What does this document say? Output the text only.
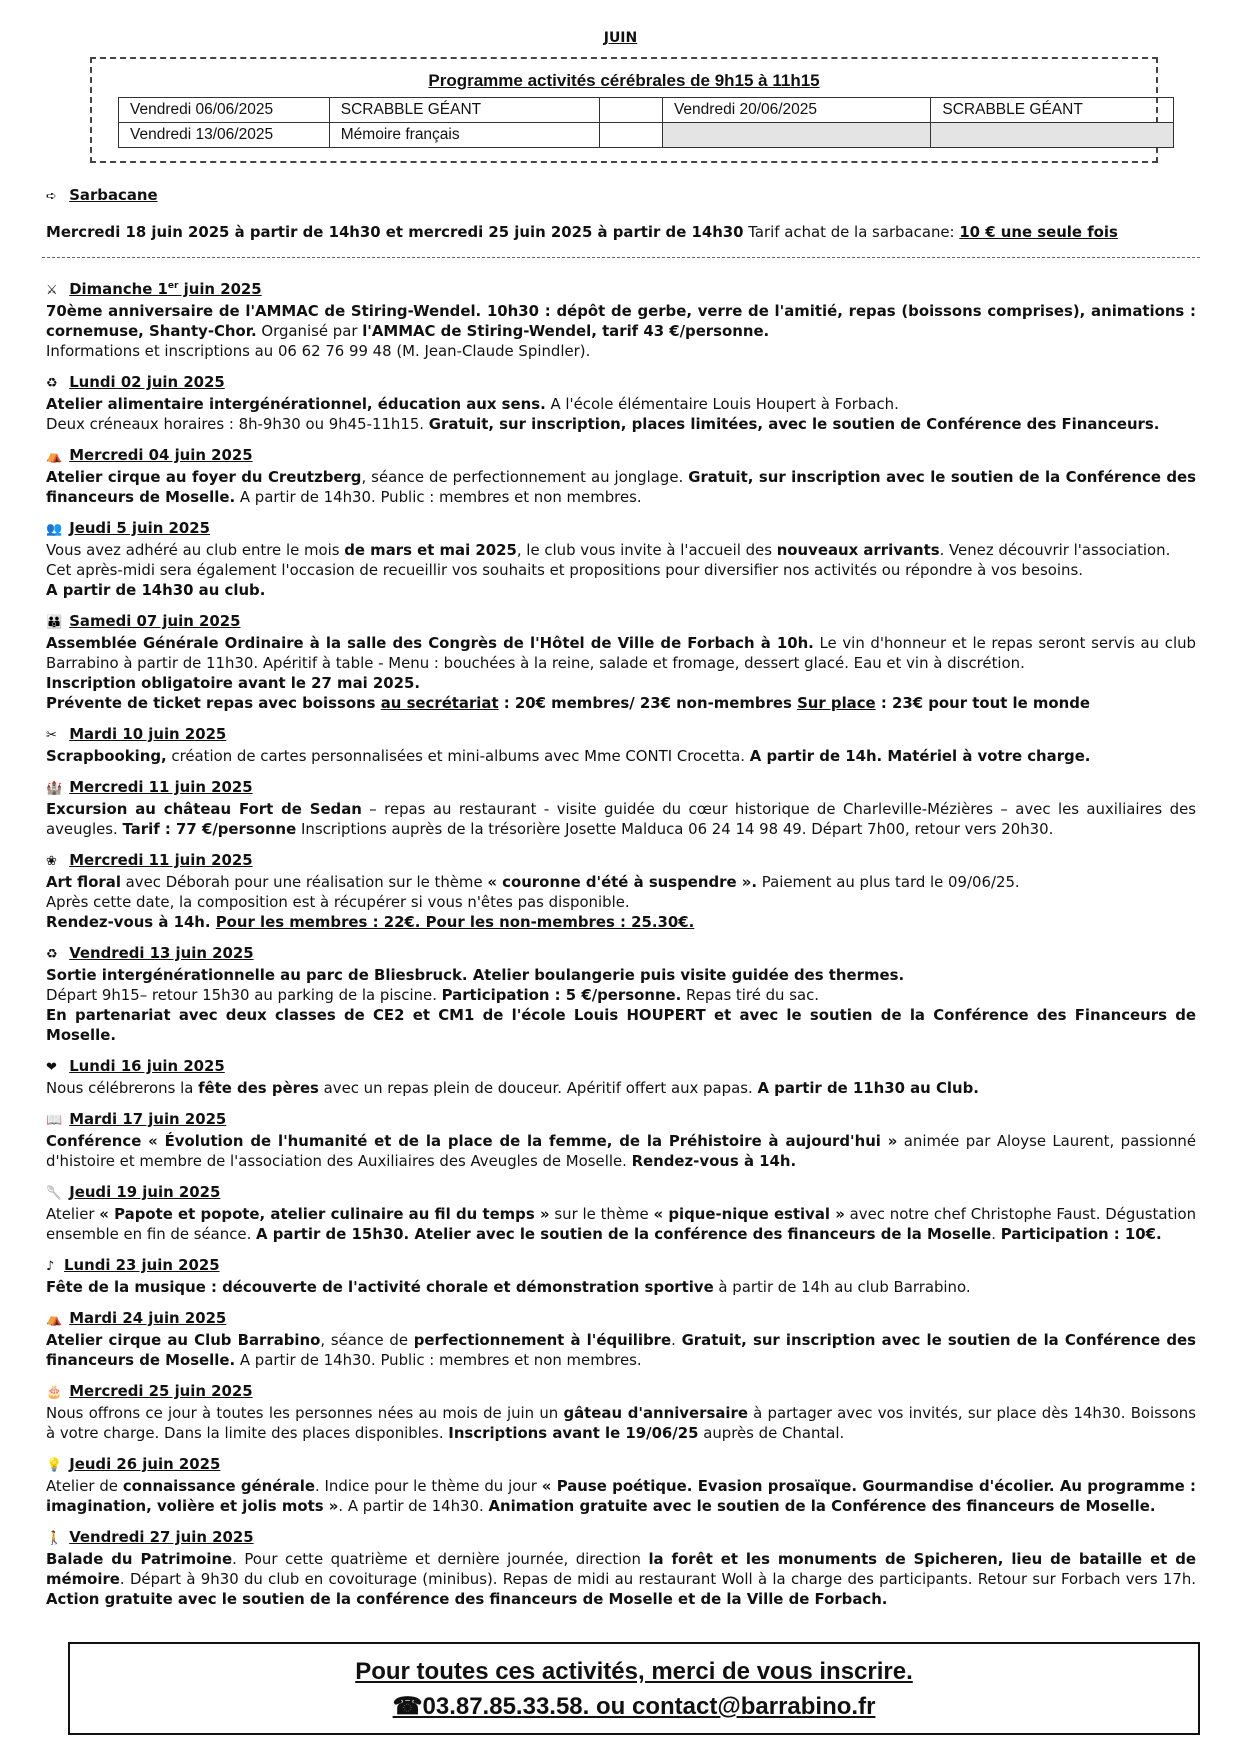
JUIN
Programme activités cérébrales de 9h15 à 11h15
Vendredi 06/06/2025	SCRABBLE GÉANT		Vendredi 20/06/2025	SCRABBLE GÉANT
Vendredi 13/06/2025	Mémoire français			
➪ Sarbacane

Mercredi 18 juin 2025 à partir de 14h30 et mercredi 25 juin 2025 à partir de 14h30 Tarif achat de la sarbacane: 10 € une seule fois

⚔ Dimanche 1er juin 2025

70ème anniversaire de l'AMMAC de Stiring-Wendel. 10h30 : dépôt de gerbe, verre de l'amitié, repas (boissons comprises), animations : cornemuse, Shanty-Chor. Organisé par l'AMMAC de Stiring-Wendel, tarif 43 €/personne.

Informations et inscriptions au 06 62 76 99 48 (M. Jean-Claude Spindler).

♻ Lundi 02 juin 2025

Atelier alimentaire intergénérationnel, éducation aux sens. A l'école élémentaire Louis Houpert à Forbach.

Deux créneaux horaires : 8h-9h30 ou 9h45-11h15. Gratuit, sur inscription, places limitées, avec le soutien de Conférence des Financeurs.

⛺ Mercredi 04 juin 2025

Atelier cirque au foyer du Creutzberg, séance de perfectionnement au jonglage. Gratuit, sur inscription avec le soutien de la Conférence des financeurs de Moselle. A partir de 14h30. Public : membres et non membres.

👥 Jeudi 5 juin 2025

Vous avez adhéré au club entre le mois de mars et mai 2025, le club vous invite à l'accueil des nouveaux arrivants. Venez découvrir l'association.

Cet après-midi sera également l'occasion de recueillir vos souhaits et propositions pour diversifier nos activités ou répondre à vos besoins.

A partir de 14h30 au club.

👪 Samedi 07 juin 2025

Assemblée Générale Ordinaire à la salle des Congrès de l'Hôtel de Ville de Forbach à 10h. Le vin d'honneur et le repas seront servis au club Barrabino à partir de 11h30. Apéritif à table - Menu : bouchées à la reine, salade et fromage, dessert glacé. Eau et vin à discrétion.

Inscription obligatoire avant le 27 mai 2025.

Prévente de ticket repas avec boissons au secrétariat : 20€ membres/ 23€ non-membres Sur place : 23€ pour tout le monde

✂ Mardi 10 juin 2025

Scrapbooking, création de cartes personnalisées et mini-albums avec Mme CONTI Crocetta. A partir de 14h. Matériel à votre charge.

🏰 Mercredi 11 juin 2025

Excursion au château Fort de Sedan – repas au restaurant - visite guidée du cœur historique de Charleville-Mézières – avec les auxiliaires des aveugles. Tarif : 77 €/personne Inscriptions auprès de la trésorière Josette Malduca 06 24 14 98 49. Départ 7h00, retour vers 20h30.

❀ Mercredi 11 juin 2025

Art floral avec Déborah pour une réalisation sur le thème « couronne d'été à suspendre ». Paiement au plus tard le 09/06/25.

Après cette date, la composition est à récupérer si vous n'êtes pas disponible.

Rendez-vous à 14h. Pour les membres : 22€. Pour les non-membres : 25.30€.

♻ Vendredi 13 juin 2025

Sortie intergénérationnelle au parc de Bliesbruck. Atelier boulangerie puis visite guidée des thermes.

Départ 9h15– retour 15h30 au parking de la piscine. Participation : 5 €/personne. Repas tiré du sac.

En partenariat avec deux classes de CE2 et CM1 de l'école Louis HOUPERT et avec le soutien de la Conférence des Financeurs de Moselle.

❤ Lundi 16 juin 2025

Nous célébrerons la fête des pères avec un repas plein de douceur. Apéritif offert aux papas. A partir de 11h30 au Club.

📖 Mardi 17 juin 2025

Conférence « Évolution de l'humanité et de la place de la femme, de la Préhistoire à aujourd'hui » animée par Aloyse Laurent, passionné d'histoire et membre de l'association des Auxiliaires des Aveugles de Moselle. Rendez-vous à 14h.

🥄 Jeudi 19 juin 2025

Atelier « Papote et popote, atelier culinaire au fil du temps » sur le thème « pique-nique estival » avec notre chef Christophe Faust. Dégustation ensemble en fin de séance. A partir de 15h30. Atelier avec le soutien de la conférence des financeurs de la Moselle. Participation : 10€.

♪ Lundi 23 juin 2025

Fête de la musique : découverte de l'activité chorale et démonstration sportive à partir de 14h au club Barrabino.

⛺ Mardi 24 juin 2025

Atelier cirque au Club Barrabino, séance de perfectionnement à l'équilibre. Gratuit, sur inscription avec le soutien de la Conférence des financeurs de Moselle. A partir de 14h30. Public : membres et non membres.

🎂 Mercredi 25 juin 2025

Nous offrons ce jour à toutes les personnes nées au mois de juin un gâteau d'anniversaire à partager avec vos invités, sur place dès 14h30. Boissons à votre charge. Dans la limite des places disponibles. Inscriptions avant le 19/06/25 auprès de Chantal.

💡 Jeudi 26 juin 2025

Atelier de connaissance générale. Indice pour le thème du jour « Pause poétique. Evasion prosaïque. Gourmandise d'écolier. Au programme : imagination, volière et jolis mots ». A partir de 14h30. Animation gratuite avec le soutien de la Conférence des financeurs de Moselle.

🚶 Vendredi 27 juin 2025

Balade du Patrimoine. Pour cette quatrième et dernière journée, direction la forêt et les monuments de Spicheren, lieu de bataille et de mémoire. Départ à 9h30 du club en covoiturage (minibus). Repas de midi au restaurant Woll à la charge des participants. Retour sur Forbach vers 17h. Action gratuite avec le soutien de la conférence des financeurs de Moselle et de la Ville de Forbach.

Pour toutes ces activités, merci de vous inscrire.
☎03.87.85.33.58. ou contact@barrabino.fr
